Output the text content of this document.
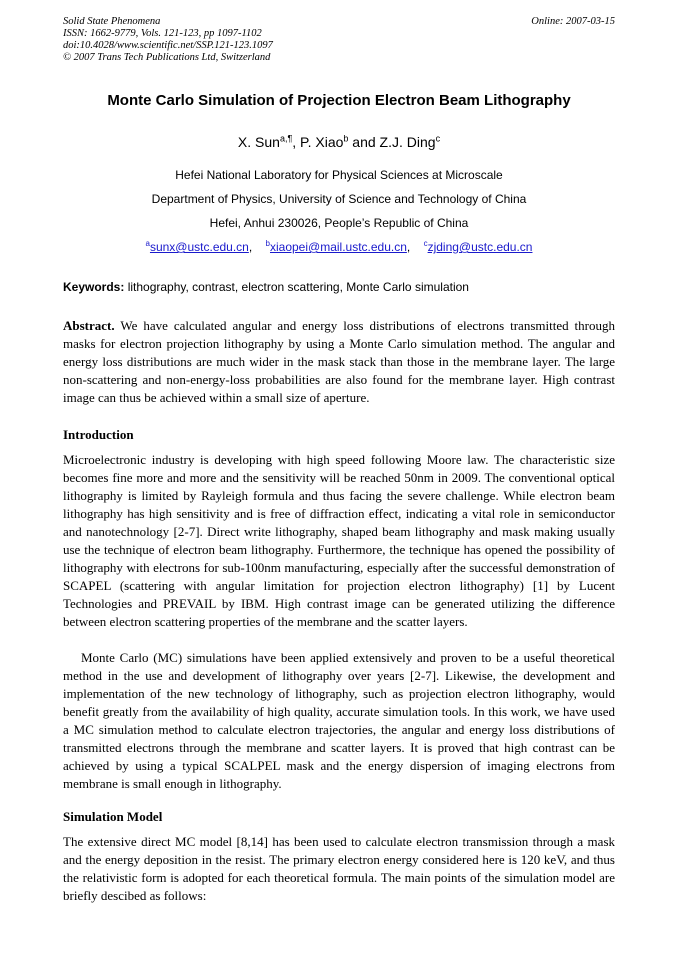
Solid State Phenomena
ISSN: 1662-9779, Vols. 121-123, pp 1097-1102
doi:10.4028/www.scientific.net/SSP.121-123.1097
© 2007 Trans Tech Publications Ltd, Switzerland
Online: 2007-03-15
Monte Carlo Simulation of Projection Electron Beam Lithography
X. Sun$^{a,\P}$, P. Xiao$^b$ and Z.J. Ding$^c$
Hefei National Laboratory for Physical Sciences at Microscale
Department of Physics, University of Science and Technology of China
Hefei, Anhui 230026, People’s Republic of China
$^a$sunx@ustc.edu.cn,    $^b$xiaopei@mail.ustc.edu.cn,    $^c$zjding@ustc.edu.cn
Keywords: lithography, contrast, electron scattering, Monte Carlo simulation
Abstract. We have calculated angular and energy loss distributions of electrons transmitted through masks for electron projection lithography by using a Monte Carlo simulation method. The angular and energy loss distributions are much wider in the mask stack than those in the membrane layer. The large non-scattering and non-energy-loss probabilities are also found for the membrane layer. High contrast image can thus be achieved within a small size of aperture.
Introduction
Microelectronic industry is developing with high speed following Moore law. The characteristic size becomes fine more and more and the sensitivity will be reached 50nm in 2009. The conventional optical lithography is limited by Rayleigh formula and thus facing the severe challenge. While electron beam lithography has high sensitivity and is free of diffraction effect, indicating a vital role in semiconductor and nanotechnology [2-7]. Direct write lithography, shaped beam lithography and mask making usually use the technique of electron beam lithography. Furthermore, the technique has opened the possibility of lithography with electrons for sub-100nm manufacturing, especially after the successful demonstration of SCAPEL (scattering with angular limitation for projection electron lithography) [1] by Lucent Technologies and PREVAIL by IBM. High contrast image can be generated utilizing the difference between electron scattering properties of the membrane and the scatter layers.
Monte Carlo (MC) simulations have been applied extensively and proven to be a useful theoretical method in the use and development of lithography over years [2-7]. Likewise, the development and implementation of the new technology of lithography, such as projection electron lithography, would benefit greatly from the availability of high quality, accurate simulation tools. In this work, we have used a MC simulation method to calculate electron trajectories, the angular and energy loss distributions of transmitted electrons through the membrane and scatter layers. It is proved that high contrast can be achieved by using a typical SCALPEL mask and the energy dispersion of imaging electrons from membrane is small enough in lithography.
Simulation Model
The extensive direct MC model [8,14] has been used to calculate electron transmission through a mask and the energy deposition in the resist. The primary electron energy considered here is 120 keV, and thus the relativistic form is adopted for each theoretical formula. The main points of the simulation model are briefly descibed as follows:
